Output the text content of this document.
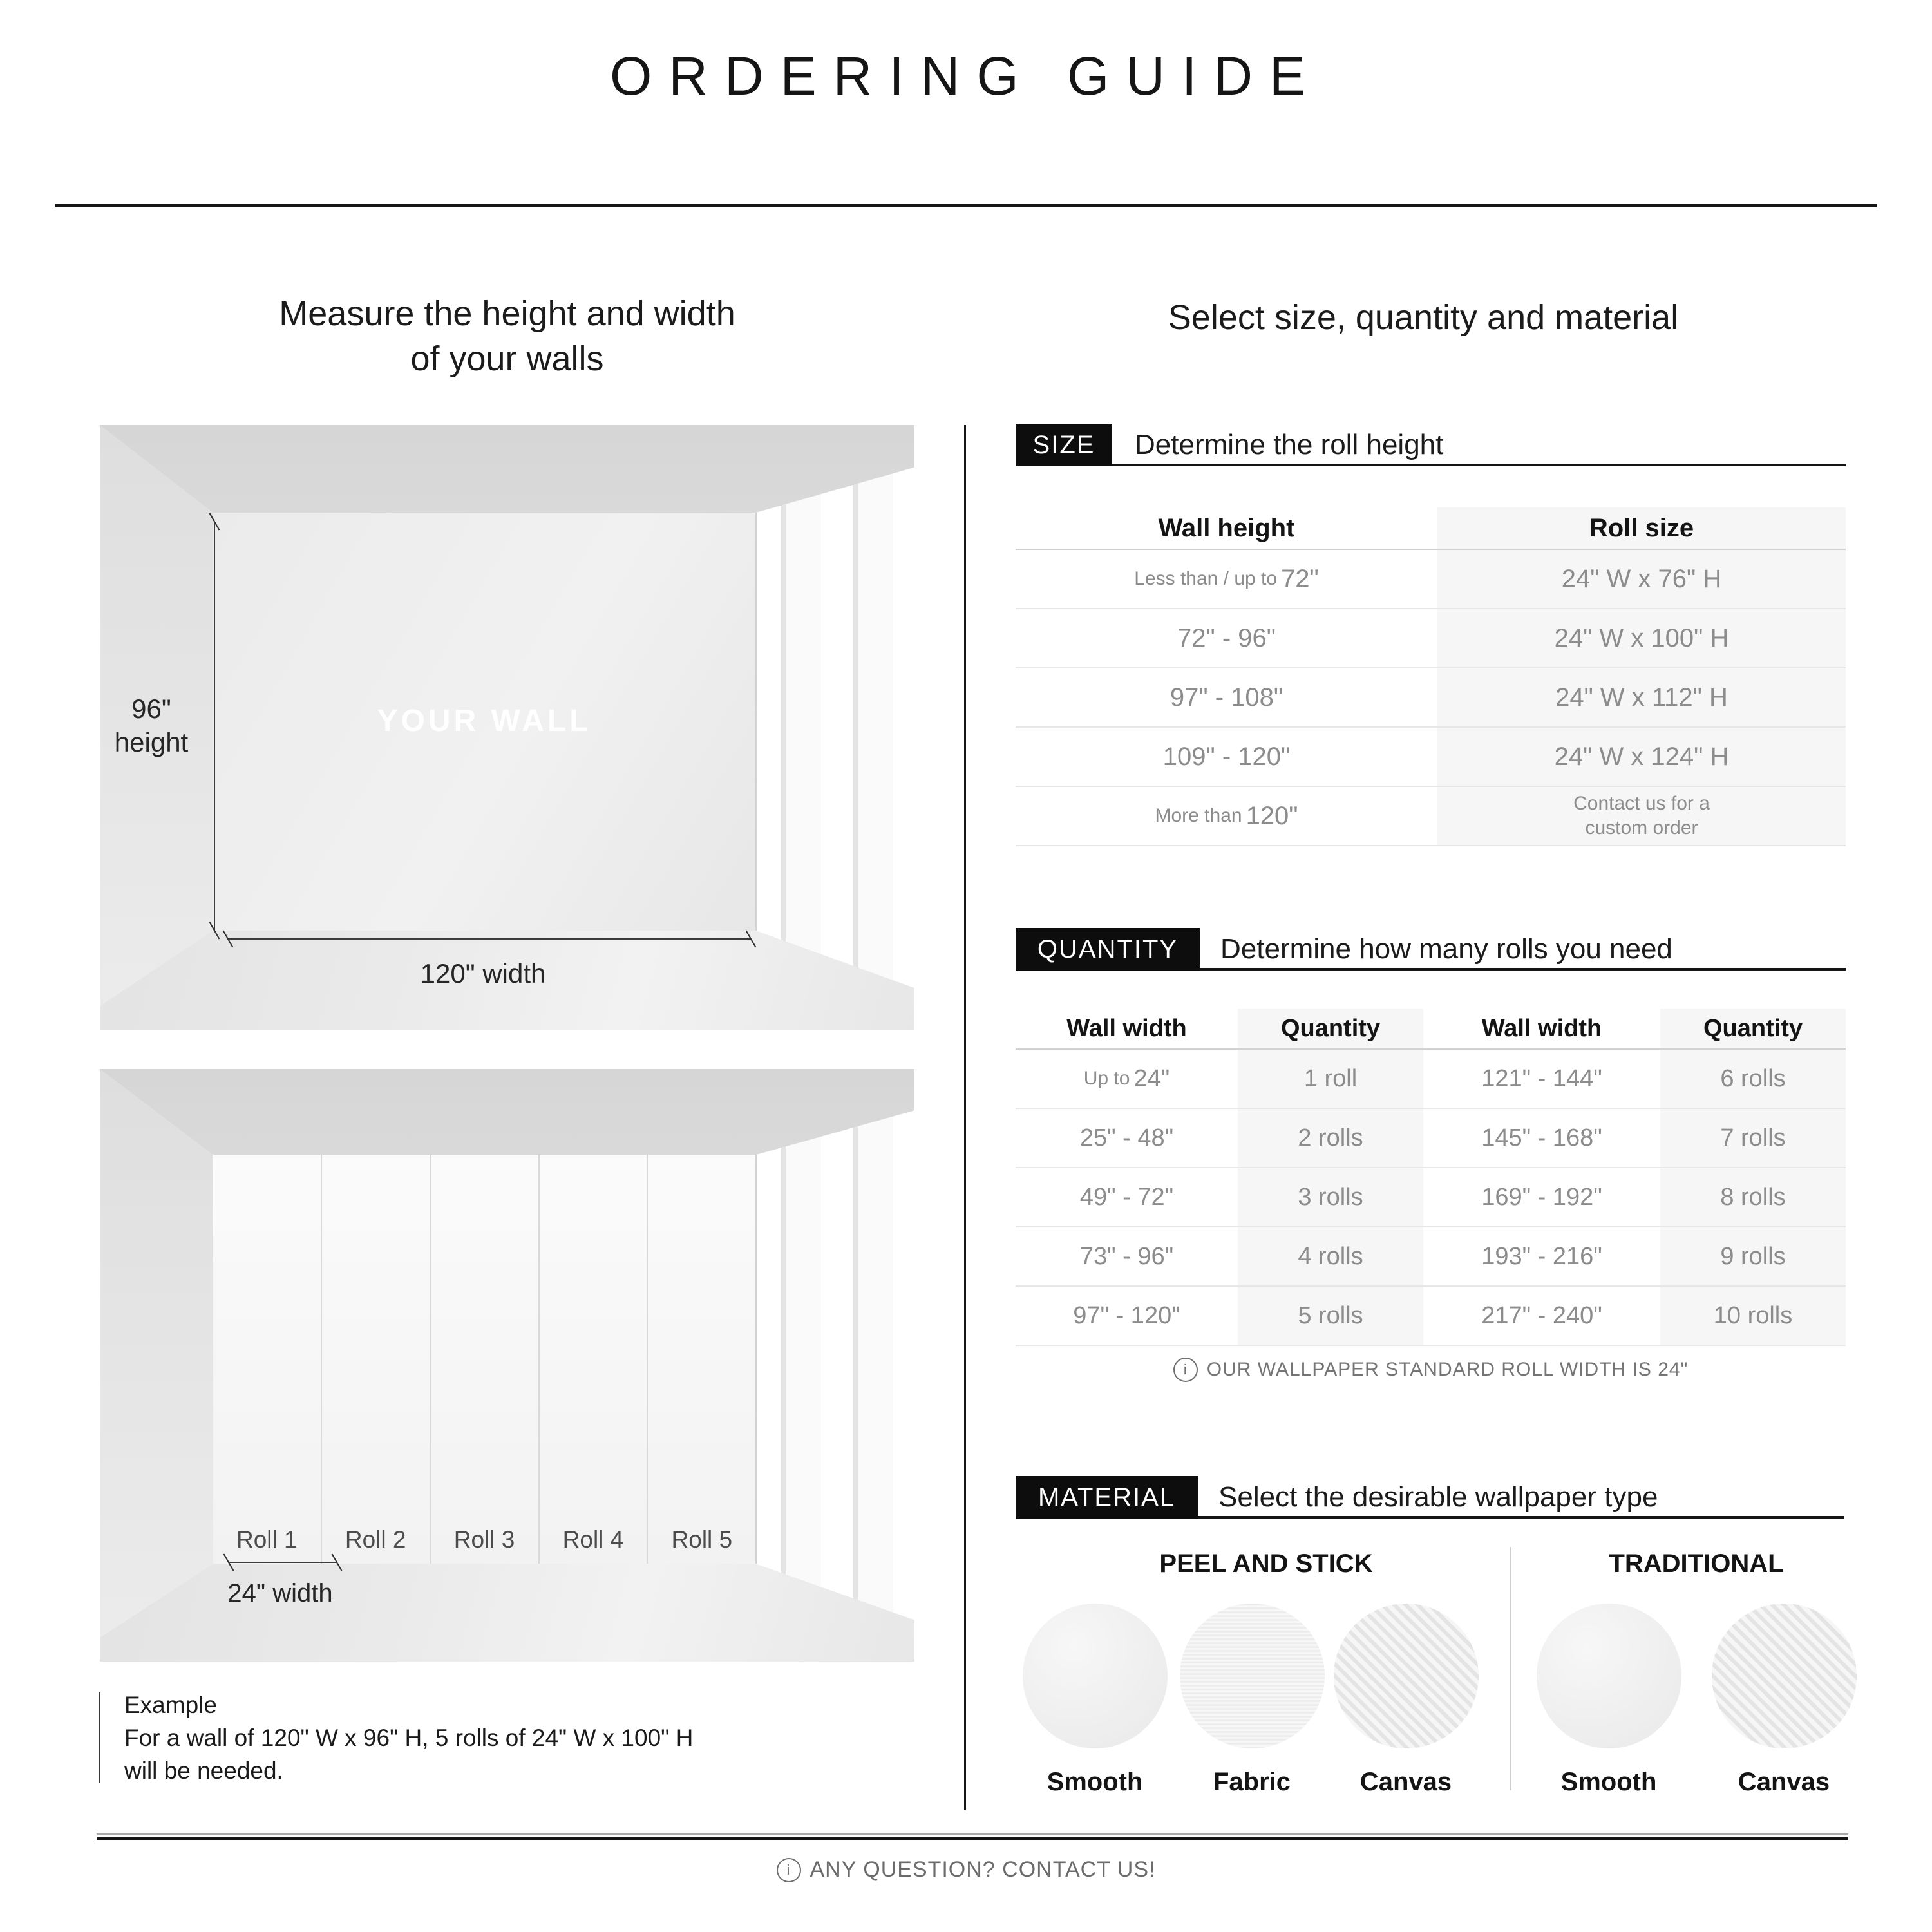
ORDERING GUIDE
Measure the height and width
of your walls
YOUR WALL
96"
height
120" width
Roll 1 Roll 2 Roll 3 Roll 4 Roll 5
24" width
Example
For a wall of 120" W x 96" H, 5 rolls of 24" W x 100" H
will be needed.
Select size, quantity and material
SIZE	Determine the roll height
Wall height	Roll size
Less than / up to 72"	24" W x 76" H
72" - 96"	24" W x 100" H
97" - 108"	24" W x 112" H
109" - 120"	24" W x 124" H
More than 120"	Contact us for a
custom order
QUANTITY	Determine how many rolls you need
Wall width	Quantity	Wall width	Quantity
Up to 24"	1 roll	121" - 144"	6 rolls
25" - 48"	2 rolls	145" - 168"	7 rolls
49" - 72"	3 rolls	169" - 192"	8 rolls
73" - 96"	4 rolls	193" - 216"	9 rolls
97" - 120"	5 rolls	217" - 240"	10 rolls
i	OUR WALLPAPER STANDARD ROLL WIDTH IS 24"
MATERIAL	Select the desirable wallpaper type
PEEL AND STICK	TRADITIONAL
Smooth	Fabric	Canvas	Smooth	Canvas
i ANY QUESTION? CONTACT US!
